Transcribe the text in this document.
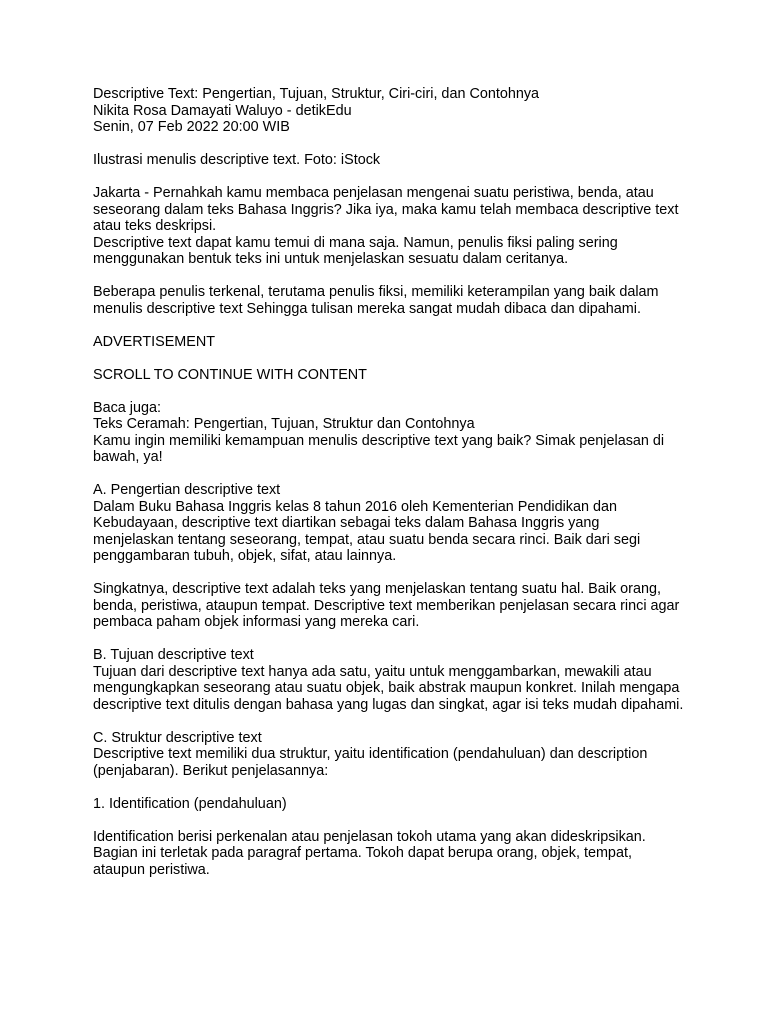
Descriptive Text: Pengertian, Tujuan, Struktur, Ciri-ciri, dan Contohnya
Nikita Rosa Damayati Waluyo - detikEdu
Senin, 07 Feb 2022 20:00 WIB
Ilustrasi menulis descriptive text. Foto: iStock
Jakarta - Pernahkah kamu membaca penjelasan mengenai suatu peristiwa, benda, atau
seseorang dalam teks Bahasa Inggris? Jika iya, maka kamu telah membaca descriptive text
atau teks deskripsi.
Descriptive text dapat kamu temui di mana saja. Namun, penulis fiksi paling sering
menggunakan bentuk teks ini untuk menjelaskan sesuatu dalam ceritanya.
Beberapa penulis terkenal, terutama penulis fiksi, memiliki keterampilan yang baik dalam
menulis descriptive text Sehingga tulisan mereka sangat mudah dibaca dan dipahami.
ADVERTISEMENT
SCROLL TO CONTINUE WITH CONTENT
Baca juga:
Teks Ceramah: Pengertian, Tujuan, Struktur dan Contohnya
Kamu ingin memiliki kemampuan menulis descriptive text yang baik? Simak penjelasan di
bawah, ya!
A. Pengertian descriptive text
Dalam Buku Bahasa Inggris kelas 8 tahun 2016 oleh Kementerian Pendidikan dan
Kebudayaan, descriptive text diartikan sebagai teks dalam Bahasa Inggris yang
menjelaskan tentang seseorang, tempat, atau suatu benda secara rinci. Baik dari segi
penggambaran tubuh, objek, sifat, atau lainnya.
Singkatnya, descriptive text adalah teks yang menjelaskan tentang suatu hal. Baik orang,
benda, peristiwa, ataupun tempat. Descriptive text memberikan penjelasan secara rinci agar
pembaca paham objek informasi yang mereka cari.
B. Tujuan descriptive text
Tujuan dari descriptive text hanya ada satu, yaitu untuk menggambarkan, mewakili atau
mengungkapkan seseorang atau suatu objek, baik abstrak maupun konkret. Inilah mengapa
descriptive text ditulis dengan bahasa yang lugas dan singkat, agar isi teks mudah dipahami.
C. Struktur descriptive text
Descriptive text memiliki dua struktur, yaitu identification (pendahuluan) dan description
(penjabaran). Berikut penjelasannya:
1. Identification (pendahuluan)
Identification berisi perkenalan atau penjelasan tokoh utama yang akan dideskripsikan.
Bagian ini terletak pada paragraf pertama. Tokoh dapat berupa orang, objek, tempat,
ataupun peristiwa.
